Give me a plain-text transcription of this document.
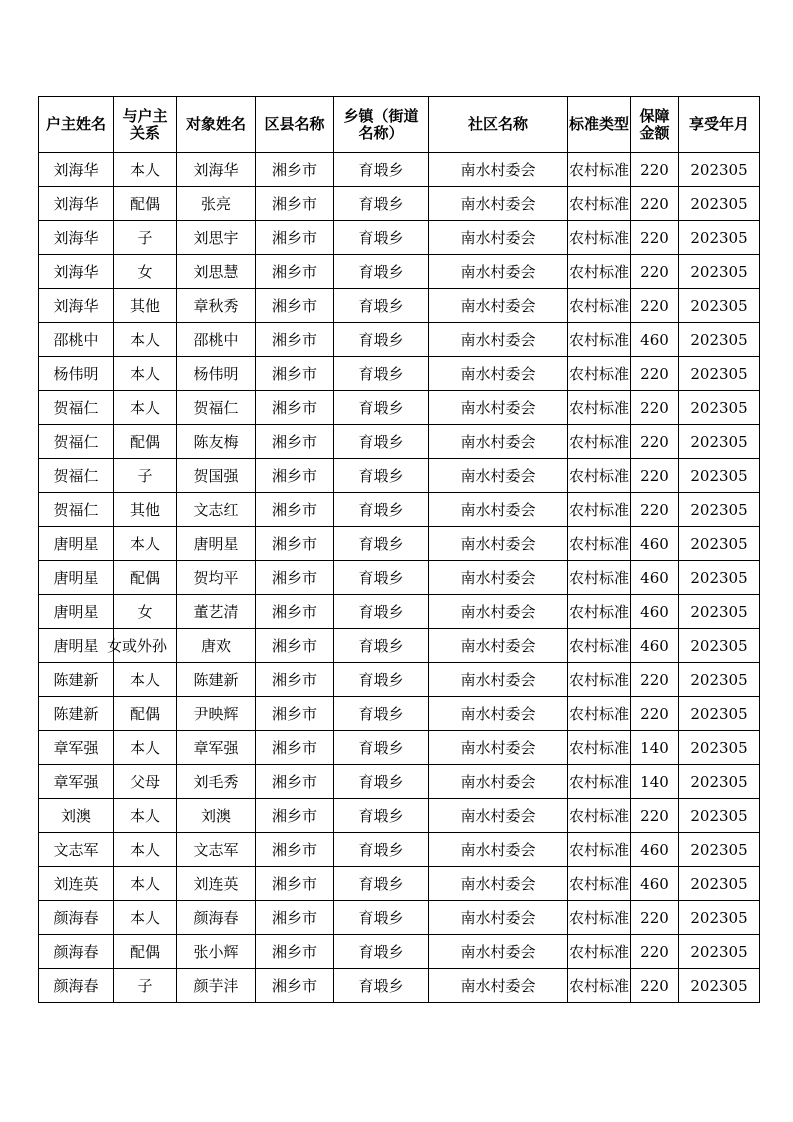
户主姓名	与户主关系	对象姓名	区县名称	乡镇（街道名称）	社区名称	标准类型	保障金额	享受年月
刘海华	本人	刘海华	湘乡市	育塅乡	南水村委会	农村标准	220	202305
刘海华	配偶	张亮	湘乡市	育塅乡	南水村委会	农村标准	220	202305
刘海华	子	刘思宇	湘乡市	育塅乡	南水村委会	农村标准	220	202305
刘海华	女	刘思慧	湘乡市	育塅乡	南水村委会	农村标准	220	202305
刘海华	其他	章秋秀	湘乡市	育塅乡	南水村委会	农村标准	220	202305
邵桃中	本人	邵桃中	湘乡市	育塅乡	南水村委会	农村标准	460	202305
杨伟明	本人	杨伟明	湘乡市	育塅乡	南水村委会	农村标准	220	202305
贺福仁	本人	贺福仁	湘乡市	育塅乡	南水村委会	农村标准	220	202305
贺福仁	配偶	陈友梅	湘乡市	育塅乡	南水村委会	农村标准	220	202305
贺福仁	子	贺国强	湘乡市	育塅乡	南水村委会	农村标准	220	202305
贺福仁	其他	文志红	湘乡市	育塅乡	南水村委会	农村标准	220	202305
唐明星	本人	唐明星	湘乡市	育塅乡	南水村委会	农村标准	460	202305
唐明星	配偶	贺均平	湘乡市	育塅乡	南水村委会	农村标准	460	202305
唐明星	女	董艺清	湘乡市	育塅乡	南水村委会	农村标准	460	202305
唐明星	女或外孙	唐欢	湘乡市	育塅乡	南水村委会	农村标准	460	202305
陈建新	本人	陈建新	湘乡市	育塅乡	南水村委会	农村标准	220	202305
陈建新	配偶	尹映辉	湘乡市	育塅乡	南水村委会	农村标准	220	202305
章军强	本人	章军强	湘乡市	育塅乡	南水村委会	农村标准	140	202305
章军强	父母	刘毛秀	湘乡市	育塅乡	南水村委会	农村标准	140	202305
刘澳	本人	刘澳	湘乡市	育塅乡	南水村委会	农村标准	220	202305
文志军	本人	文志军	湘乡市	育塅乡	南水村委会	农村标准	460	202305
刘连英	本人	刘连英	湘乡市	育塅乡	南水村委会	农村标准	460	202305
颜海春	本人	颜海春	湘乡市	育塅乡	南水村委会	农村标准	220	202305
颜海春	配偶	张小辉	湘乡市	育塅乡	南水村委会	农村标准	220	202305
颜海春	子	颜芋沣	湘乡市	育塅乡	南水村委会	农村标准	220	202305
